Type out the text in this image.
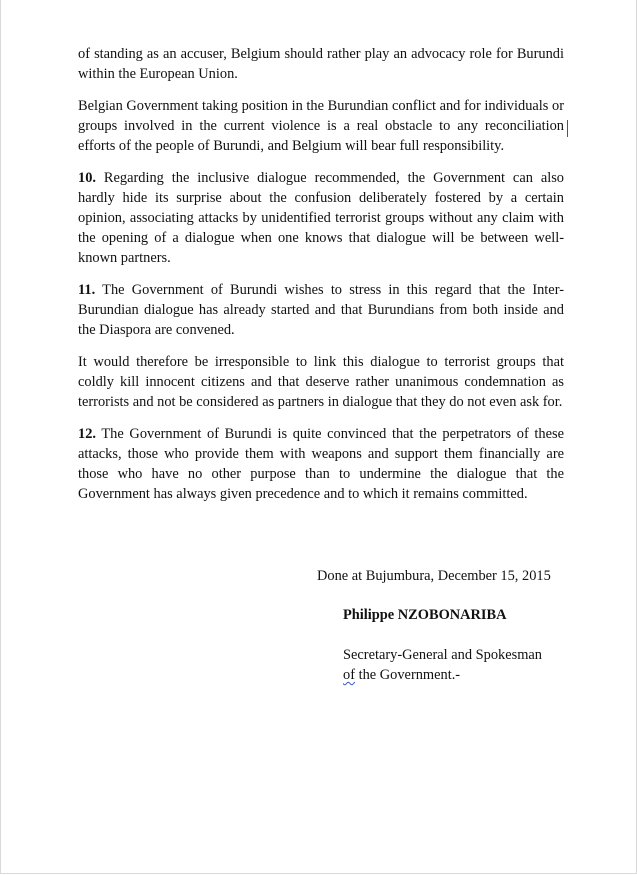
of standing as an accuser, Belgium should rather play an advocacy role for Burundi within the European Union.

Belgian Government taking position in the Burundian conflict and for individuals or groups involved in the current violence is a real obstacle to any reconciliation efforts of the people of Burundi, and Belgium will bear full responsibility.

10. Regarding the inclusive dialogue recommended, the Government can also hardly hide its surprise about the confusion deliberately fostered by a certain opinion, associating attacks by unidentified terrorist groups without any claim with the opening of a dialogue when one knows that dialogue will be between well-known partners.

11. The Government of Burundi wishes to stress in this regard that the Inter-Burundian dialogue has already started and that Burundians from both inside and the Diaspora are convened.

It would therefore be irresponsible to link this dialogue to terrorist groups that coldly kill innocent citizens and that deserve rather unanimous condemnation as terrorists and not be considered as partners in dialogue that they do not even ask for.

12. The Government of Burundi is quite convinced that the perpetrators of these attacks, those who provide them with weapons and support them financially are those who have no other purpose than to undermine the dialogue that the Government has always given precedence and to which it remains committed.

Done at Bujumbura, December 15, 2015
Philippe NZOBONARIBA
Secretary-General and Spokesman
of the Government.-
